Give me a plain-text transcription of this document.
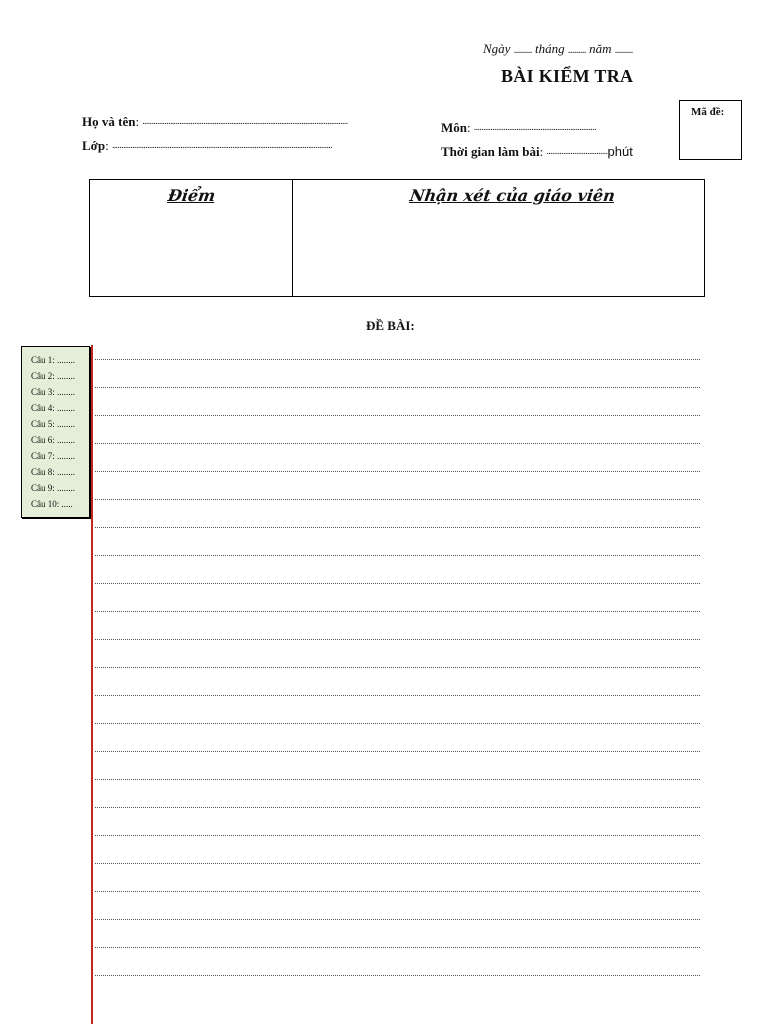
Ngày ......... tháng ......... năm .........
BÀI KIỂM TRA
Họ và tên: ...............................................................................................................
Lớp: .......................................................................................................................
Môn: ..................................................................
Thời gian làm bài: .................................phút
Mã đề:
Điểm	Nhận xét của giáo viên
ĐỀ BÀI:
Câu 1: ........
Câu 2: ........
Câu 3: ........
Câu 4: ........
Câu 5: ........
Câu 6: ........
Câu 7: ........
Câu 8: ........
Câu 9: ........
Câu 10: .....
